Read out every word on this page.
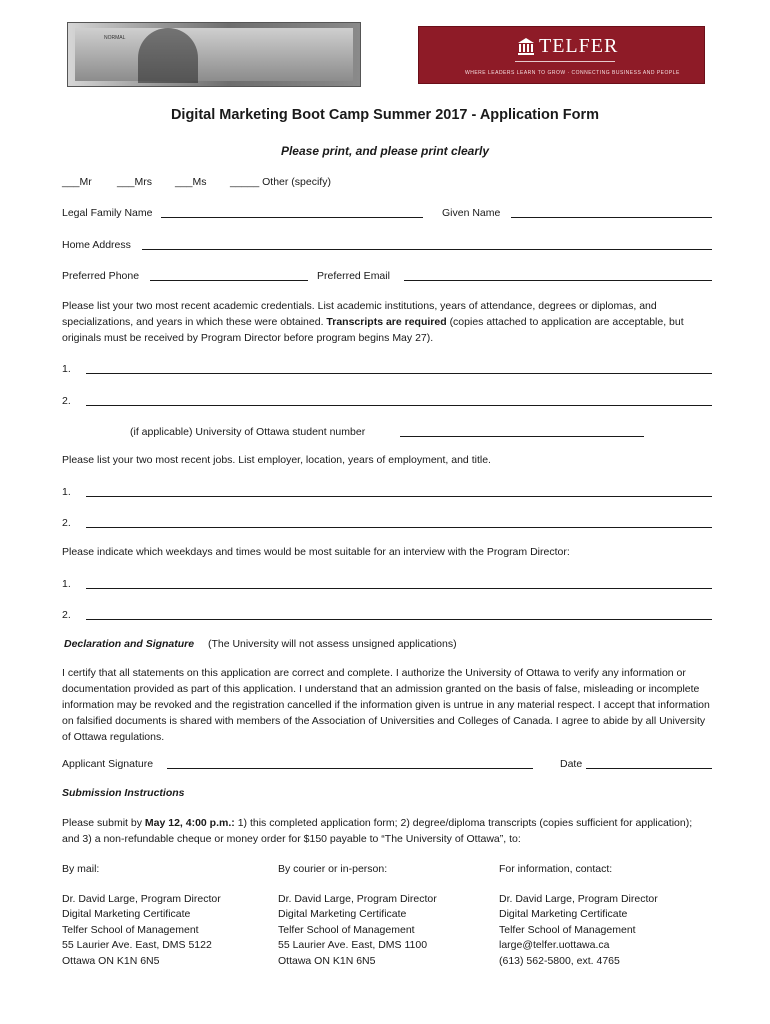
NORMAL	TELFER
WHERE LEADERS LEARN TO GROW · CONNECTING BUSINESS AND PEOPLE
Digital Marketing Boot Camp Summer 2017 - Application Form
Please print, and please print clearly
___Mr ___Mrs ___Ms _____ Other (specify)
Legal Family Name	Given Name
Home Address
Preferred Phone	Preferred Email
Please list your two most recent academic credentials. List academic institutions, years of attendance, degrees or diplomas, and specializations, and years in which these were obtained. Transcripts are required (copies attached to application are acceptable, but originals must be received by Program Director before program begins May 27).
1.
2.
(if applicable) University of Ottawa student number
Please list your two most recent jobs. List employer, location, years of employment, and title.
1.
2.
Please indicate which weekdays and times would be most suitable for an interview with the Program Director:
1.
2.
Declaration and Signature (The University will not assess unsigned applications)
I certify that all statements on this application are correct and complete. I authorize the University of Ottawa to verify any information or documentation provided as part of this application. I understand that an admission granted on the basis of false, misleading or incomplete information may be revoked and the registration cancelled if the information given is untrue in any material respect. I accept that information on falsified documents is shared with members of the Association of Universities and Colleges of Canada. I agree to abide by all University of Ottawa regulations.
Applicant Signature	Date
Submission Instructions
Please submit by May 12, 4:00 p.m.: 1) this completed application form; 2) degree/diploma transcripts (copies sufficient for application); and 3) a non-refundable cheque or money order for $150 payable to “The University of Ottawa”, to:
By mail:
Dr. David Large, Program Director
Digital Marketing Certificate
Telfer School of Management
55 Laurier Ave. East, DMS 5122
Ottawa ON K1N 6N5
By courier or in-person:
Dr. David Large, Program Director
Digital Marketing Certificate
Telfer School of Management
55 Laurier Ave. East, DMS 1100
Ottawa ON K1N 6N5
For information, contact:
Dr. David Large, Program Director
Digital Marketing Certificate
Telfer School of Management
large@telfer.uottawa.ca
(613) 562-5800, ext. 4765
